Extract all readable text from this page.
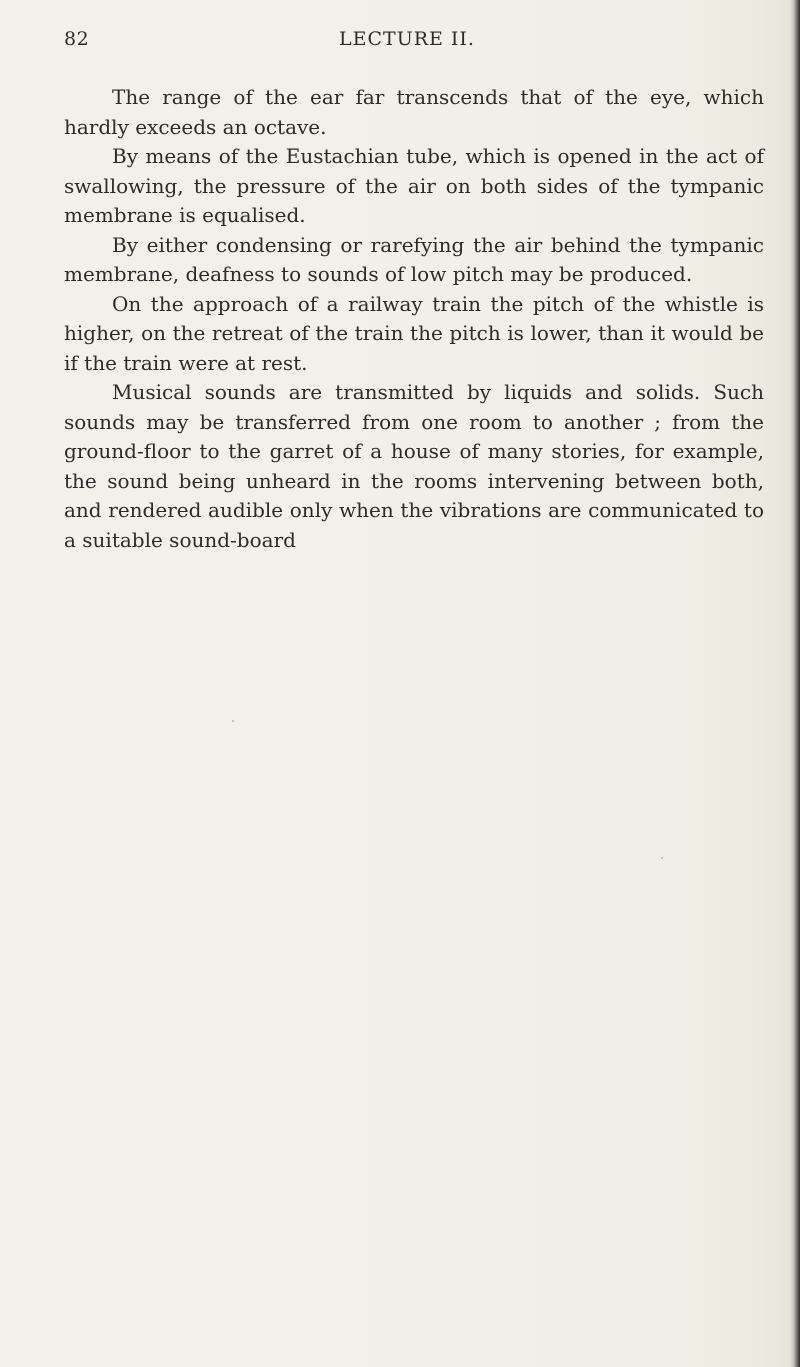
82	LECTURE II.

The range of the ear far transcends that of the eye, which hardly exceeds an octave.

By means of the Eustachian tube, which is opened in the act of swallowing, the pressure of the air on both sides of the tympanic membrane is equalised.

By either condensing or rarefying the air behind the tympanic membrane, deafness to sounds of low pitch may be produced.

On the approach of a railway train the pitch of the whistle is higher, on the retreat of the train the pitch is lower, than it would be if the train were at rest.

Musical sounds are transmitted by liquids and solids. Such sounds may be transferred from one room to another ; from the ground-floor to the garret of a house of many stories, for example, the sound being unheard in the rooms intervening between both, and rendered audible only when the vibrations are communicated to a suitable sound-board
